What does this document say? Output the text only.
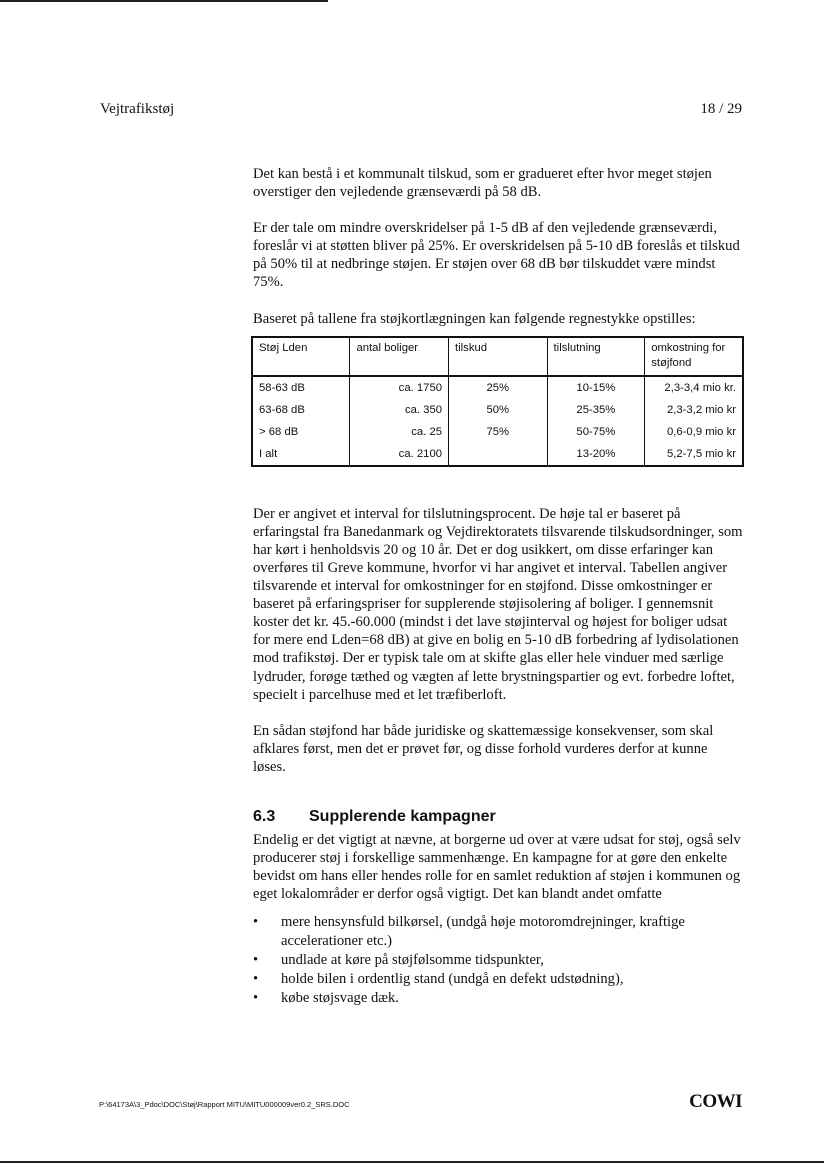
Vejtrafikstøj	18 / 29

Det kan bestå i et kommunalt tilskud, som er gradueret efter hvor meget støjen overstiger den vejledende grænseværdi på 58 dB.

Er der tale om mindre overskridelser på 1-5 dB af den vejledende grænseværdi, foreslår vi at støtten bliver på 25%. Er overskridelsen på 5-10 dB foreslås et tilskud på 50% til at nedbringe støjen. Er støjen over 68 dB bør tilskuddet være mindst 75%.

Baseret på tallene fra støjkortlægningen kan følgende regnestykke opstilles:

Støj Lden	antal boliger	tilskud	tilslutning	omkostning for støjfond
58-63 dB	ca. 1750	25%	10-15%	2,3-3,4 mio kr.
63-68 dB	ca. 350	50%	25-35%	2,3-3,2 mio kr
> 68 dB	ca. 25	75%	50-75%	0,6-0,9 mio kr
I alt	ca. 2100		13-20%	5,2-7,5 mio kr

Der er angivet et interval for tilslutningsprocent. De høje tal er baseret på erfaringstal fra Banedanmark og Vejdirektoratets tilsvarende tilskudsordninger, som har kørt i henholdsvis 20 og 10 år. Det er dog usikkert, om disse erfaringer kan overføres til Greve kommune, hvorfor vi har angivet et interval. Tabellen angiver tilsvarende et interval for omkostninger for en støjfond. Disse omkostninger er baseret på erfaringspriser for supplerende støjisolering af boliger. I gennemsnit koster det kr. 45.-60.000 (mindst i det lave støjinterval og højest for boliger udsat for mere end Lden=68 dB) at give en bolig en 5-10 dB forbedring af lydisolationen mod trafikstøj. Der er typisk tale om at skifte glas eller hele vinduer med særlige lydruder, forøge tæthed og vægten af lette brystningspartier og evt. forbedre loftet, specielt i parcelhuse med et let træfiberloft.

En sådan støjfond har både juridiske og skattemæssige konsekvenser, som skal afklares først, men det er prøvet før, og disse forhold vurderes derfor at kunne løses.

6.3	Supplerende kampagner

Endelig er det vigtigt at nævne, at borgerne ud over at være udsat for støj, også selv producerer støj i forskellige sammenhænge. En kampagne for at gøre den enkelte bevidst om hans eller hendes rolle for en samlet reduktion af støjen i kommunen og eget lokalområder er derfor også vigtigt. Det kan blandt andet omfatte

• mere hensynsfuld bilkørsel, (undgå høje motoromdrejninger, kraftige accelerationer etc.)
• undlade at køre på støjfølsomme tidspunkter,
• holde bilen i ordentlig stand (undgå en defekt udstødning),
• købe støjsvage dæk.
P:\64173A\3_Pdoc\DOC\Støj\Rapport MITU\MITU000009ver0.2_SRS.DOC	COWI
